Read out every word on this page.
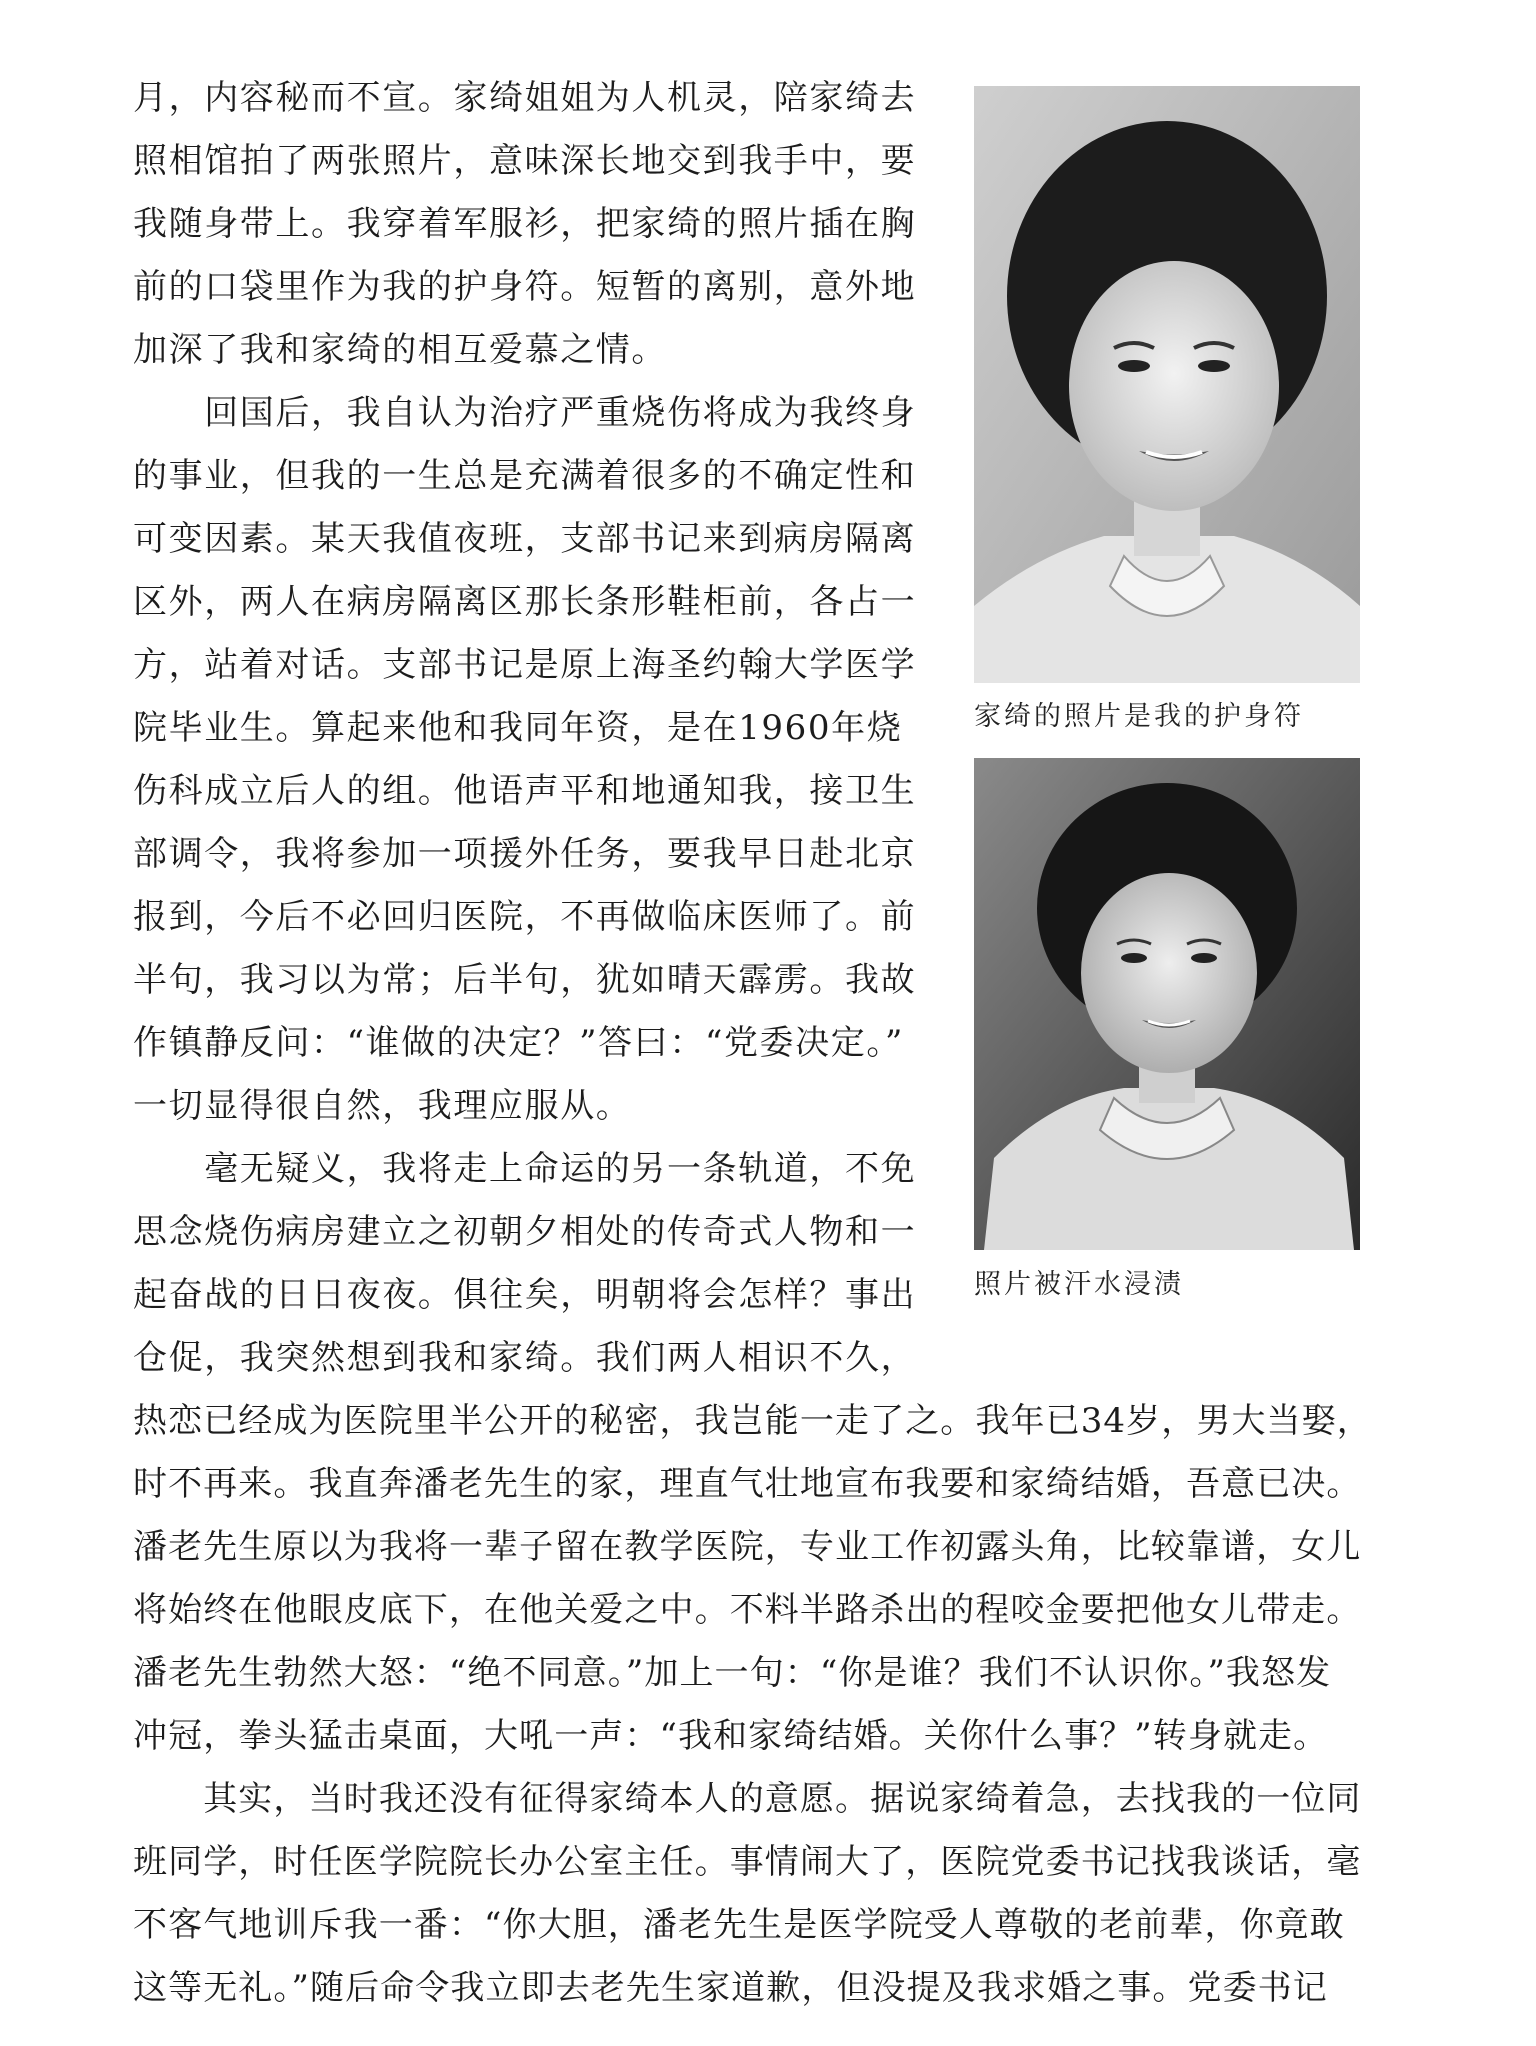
月，内容秘而不宣。家绮姐姐为人机灵，陪家绮去

照相馆拍了两张照片，意味深长地交到我手中，要

我随身带上。我穿着军服衫，把家绮的照片插在胸

前的口袋里作为我的护身符。短暂的离别，意外地

加深了我和家绮的相互爱慕之情。

　　回国后，我自认为治疗严重烧伤将成为我终身

的事业，但我的一生总是充满着很多的不确定性和

可变因素。某天我值夜班，支部书记来到病房隔离

区外，两人在病房隔离区那长条形鞋柜前，各占一

方，站着对话。支部书记是原上海圣约翰大学医学

院毕业生。算起来他和我同年资，是在1960年烧

伤科成立后人的组。他语声平和地通知我，接卫生

部调令，我将参加一项援外任务，要我早日赴北京

报到，今后不必回归医院，不再做临床医师了。前

半句，我习以为常；后半句，犹如晴天霹雳。我故

作镇静反问：“谁做的决定？”答曰：“党委决定。”

一切显得很自然，我理应服从。

　　毫无疑义，我将走上命运的另一条轨道，不免

思念烧伤病房建立之初朝夕相处的传奇式人物和一

起奋战的日日夜夜。俱往矣，明朝将会怎样？事出

仓促，我突然想到我和家绮。我们两人相识不久，

热恋已经成为医院里半公开的秘密，我岂能一走了之。我年已34岁，男大当娶，

时不再来。我直奔潘老先生的家，理直气壮地宣布我要和家绮结婚，吾意已决。

潘老先生原以为我将一辈子留在教学医院，专业工作初露头角，比较靠谱，女儿

将始终在他眼皮底下，在他关爱之中。不料半路杀出的程咬金要把他女儿带走。

潘老先生勃然大怒：“绝不同意。”加上一句：“你是谁？我们不认识你。”我怒发

冲冠，拳头猛击桌面，大吼一声：“我和家绮结婚。关你什么事？”转身就走。

　　其实，当时我还没有征得家绮本人的意愿。据说家绮着急，去找我的一位同

班同学，时任医学院院长办公室主任。事情闹大了，医院党委书记找我谈话，毫

不客气地训斥我一番：“你大胆，潘老先生是医学院受人尊敬的老前辈，你竟敢

这等无礼。”随后命令我立即去老先生家道歉，但没提及我求婚之事。党委书记

家绮的照片是我的护身符
照片被汗水浸渍
